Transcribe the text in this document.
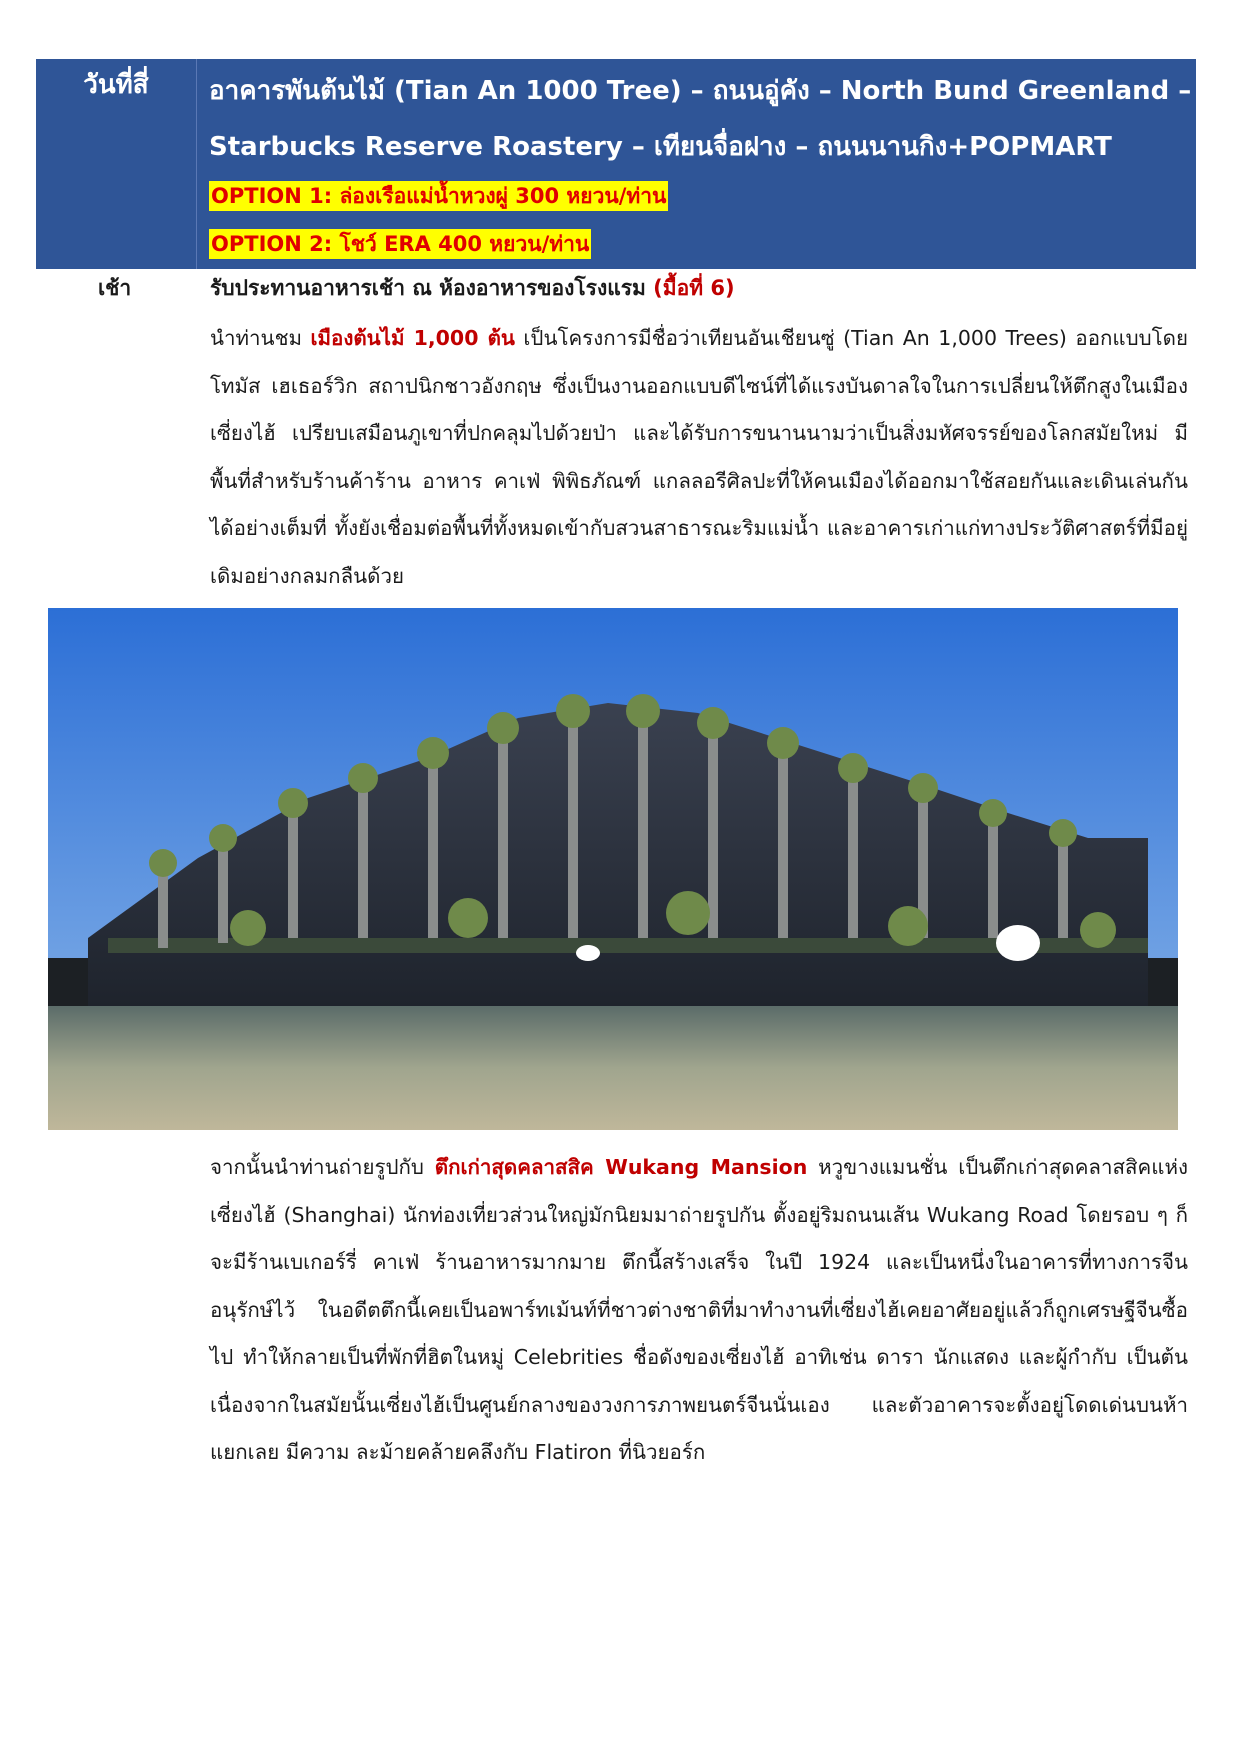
วันที่สี่	อาคารพันต้นไม้ (Tian An 1000 Tree) – ถนนอู่คัง – North Bund Greenland –
Starbucks Reserve Roastery – เทียนจื่อฝาง – ถนนนานกิง+POPMART
OPTION 1: ล่องเรือแม่น้ำหวงผู่ 300 หยวน/ท่าน
OPTION 2: โชว์ ERA 400 หยวน/ท่าน
เช้า	รับประทานอาหารเช้า ณ ห้องอาหารของโรงแรม (มื้อที่ 6)
นำท่านชม เมืองต้นไม้ 1,000 ต้น เป็นโครงการมีชื่อว่าเทียนอันเชียนซู่ (Tian An 1,000 Trees) ออกแบบโดยโทมัส เฮเธอร์วิก สถาปนิกชาวอังกฤษ ซึ่งเป็นงานออกแบบดีไซน์ที่ได้แรงบันดาลใจในการเปลี่ยนให้ตึกสูงในเมืองเซี่ยงไฮ้ เปรียบเสมือนภูเขาที่ปกคลุมไปด้วยป่า และได้รับการขนานนามว่าเป็นสิ่งมหัศจรรย์ของโลกสมัยใหม่ มีพื้นที่สำหรับร้านค้าร้าน อาหาร คาเฟ่ พิพิธภัณฑ์ แกลลอรีศิลปะที่ให้คนเมืองได้ออกมาใช้สอยกันและเดินเล่นกันได้อย่างเต็มที่ ทั้งยังเชื่อมต่อพื้นที่ทั้งหมดเข้ากับสวนสาธารณะริมแม่น้ำ และอาคารเก่าแก่ทางประวัติศาสตร์ที่มีอยู่เดิมอย่างกลมกลืนด้วย
จากนั้นนำท่านถ่ายรูปกับ ตึกเก่าสุดคลาสสิค Wukang Mansion หวูขางแมนชั่น เป็นตึกเก่าสุดคลาสสิคแห่ง เซี่ยงไฮ้ (Shanghai) นักท่องเที่ยวส่วนใหญ่มักนิยมมาถ่ายรูปกัน ตั้งอยู่ริมถนนเส้น Wukang Road โดยรอบ ๆ ก็จะมีร้านเบเกอร์รี่ คาเฟ่ ร้านอาหารมากมาย ตึกนี้สร้างเสร็จ ในปี 1924 และเป็นหนึ่งในอาคารที่ทางการจีนอนุรักษ์ไว้ ในอดีตตึกนี้เคยเป็นอพาร์ทเม้นท์ที่ชาวต่างชาติที่มาทำงานที่เซี่ยงไฮ้เคยอาศัยอยู่แล้วก็ถูกเศรษฐีจีนซื้อไป ทำให้กลายเป็นที่พักที่ฮิตในหมู่ Celebrities ชื่อดังของเซี่ยงไฮ้ อาทิเช่น ดารา นักแสดง และผู้กำกับ เป็นต้น เนื่องจากในสมัยนั้นเซี่ยงไฮ้เป็นศูนย์กลางของวงการภาพยนตร์จีนนั่นเอง และตัวอาคารจะตั้งอยู่โดดเด่นบนห้าแยกเลย มีความ ละม้ายคล้ายคลึงกับ Flatiron ที่นิวยอร์ก
